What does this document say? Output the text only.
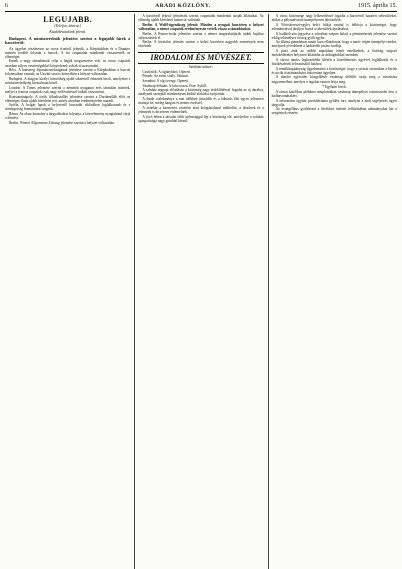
6	ARADI KÖZLÖNY.	1915. április 15.
LEGUJABB.
(Telefon, távirat.)
Kiadóhivatalunk jelenti.

Budapest. A miniszterelnök jelentése szerint a legujabb hírek a harctérről:

Az ügyeket részletesen az orosz frontról jelentik, a Kárpátokban és a Dunajec mentén tovább folynak a harcok. A mi csapataink mindenütt visszaverték az ellenséget.

Ennek a nagy támadásnak célja a hágók megszerzése volt, az orosz csapatok azonban súlyos veszteségekkel kénytelenek voltak visszavonulni.

Bécs. A hadsereg főparancsnokságának jelentése szerint a Kárpátokban a harcok folyamatban vannak, az Uzsoki-szoros környékén a helyzet változatlan.

Budapest. A magyar királyi honvédség ujabb sikereiről érkeztek hírek, amelyeket a miniszterelnökség hivatalosan közöl.

London. A Times jelentése szerint a németek nyugaton erős támadást intéztek, melyet a francia csapatok csak nagy erőfeszítéssel tudtak visszaverni.

Konstantinápoly. A török főhadiszállás jelentése szerint a Dardanellák előtt az ellenséges flotta ujabb kísérletet tett, amely azonban eredménytelen maradt.

Szófia. A bolgár lapok a helyzetről hosszabb cikkekben foglalkoznak és a semlegesség fenntartását sürgetik.

Róma. Az olasz kormány a tárgyalásokat folytatja, a közvélemény nyugtalanul várja a döntést.

Berlin. Wiener Allgemeine Zeitung jelentése szerint a helyzet változatlan.

A harctérről érkező jelentések szerint csapataink mindenütt tartják állásaikat. Az ellenség ujabb kísérletei kudarcot vallottak.

Berlin. A Wolff-ügynökség jelenti: Minden a nyugati harctéren a helyzet változatlan, a német csapatok eredményesen verték vissza a támadásokat.

Berlin. A Reuter-iroda jelentése szerint a német tengeralattjárók ujabb hajókat sülyesztettek el.

Berlin. A hivatalos jelentés szerint a keleti harctéren nagyobb események nem történtek.

IRODALOM ÉS MŰVÉSZET.
Színházi műsor:

Csütörtök: A cigánybáró. Operett.

Péntek: Az ezüst sirály. Színmű.

Szombat: A víg özvegy. Operett.

Vasárnap délután: A falu rossza. Este: Sybill.

A színház tegnapi előadásán a közönség nagy érdeklődéssel fogadta az uj darabot, amelynek szereplői mindannyian kitűnő alakítást nyújtottak.

A darab cselekménye a mai időkben játszódik és a háborús élet egyes jeleneteit mutatja be, meleg hangon és nemes érzéssel.

A zenekar a karmester vezetése alatt kifogástalanul működött, a díszletek és a jelmezek is dicséretet érdemelnek.

A jövő héten a társulat több ujdonsággal lép a közönség elé, amelyekre a színház igazgatósága nagy gonddal készül.

A város közönsége nagy lelkesedéssel fogadta a harctérről hazatért sebesülteket, akiket a pályaudvaron ünnepélyesen üdvözöltek.

A Vöröskereszt-egylet helyi fiókja ezuttal is felhívja a közönséget, hogy adományaival járuljon hozzá a sebesültek ápolásához.

A hadikölcsön jegyzése a városban szépen halad, a pénzintézetek jelentése szerint eddig tekintélyes összeg gyűlt egybe.

Az állami gimnázium tanári kara elhatározta, hogy a tanév végén ünnepélyt rendez, amelynek jövedelmét a hadiárvák javára fordítja.

A piaci árak az utóbbi napokban ismét emelkedtek, a hatóság szigorú intézkedéseket helyezett kilátásba az árdrágítókkal szemben.

A városi tanács legközelebbi ülésén a közélelmezés ügyével foglalkozik és a lisztkészletek felosztásáról határoz.

A rendőrkapitányság figyelmezteti a közönséget, hogy a tavaszi szezonban a kertek és utcák tisztántartására fokozottan ügyeljen.

A tűzoltó egyesület közgyűlését vasárnap délelőtt tartja meg a városháza nagytermében, amelyre a tagokat ezuton hívja meg.

* Egyházi hírek.

A római katolikus plébánia templomában vasárnap ünnepélyes istentisztelet lesz a hadbavonultakért.

A református egyház presbitériuma gyűlést tart, amelyen a hadi segélyezés ügyét tárgyalja.

Az evangélikus gyülekezet a hívekhez intézett felhívásában adományokat kér a szegények részére.
